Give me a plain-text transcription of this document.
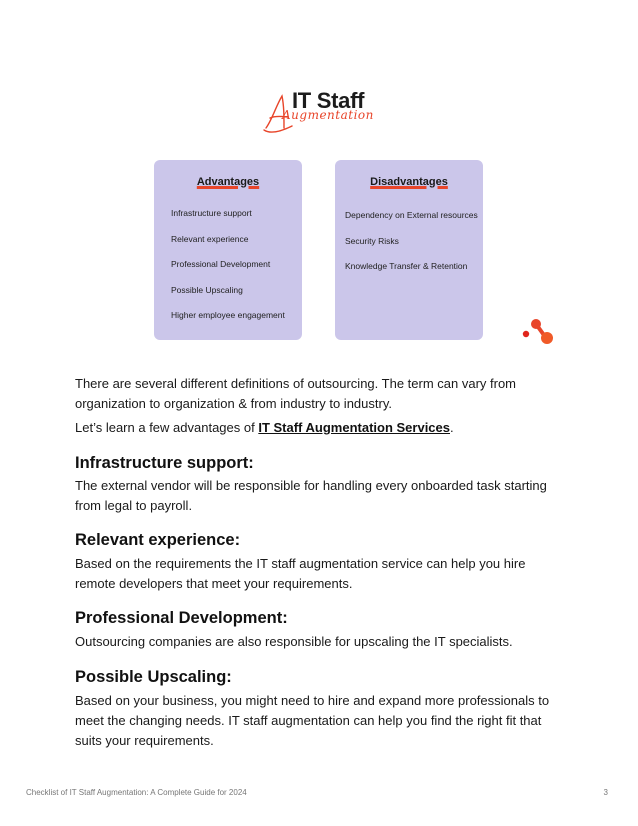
IT Staff
Augmentation
Advantages
Infrastructure support
Relevant experience
Professional Development
Possible Upscaling
Higher employee engagement
Disadvantages
Dependency on External resources
Security Risks
Knowledge Transfer & Retention

There are several different definitions of outsourcing. The term can vary from organization to organization & from industry to industry.

Let’s learn a few advantages of IT Staff Augmentation Services.

Infrastructure support:

The external vendor will be responsible for handling every onboarded task starting from legal to payroll.

Relevant experience:

Based on the requirements the IT staff augmentation service can help you hire remote developers that meet your requirements.

Professional Development:

Outsourcing companies are also responsible for upscaling the IT specialists.

Possible Upscaling:

Based on your business, you might need to hire and expand more professionals to meet the changing needs. IT staff augmentation can help you find the right fit that suits your requirements.

Checklist of IT Staff Augmentation: A Complete Guide for 2024	3
